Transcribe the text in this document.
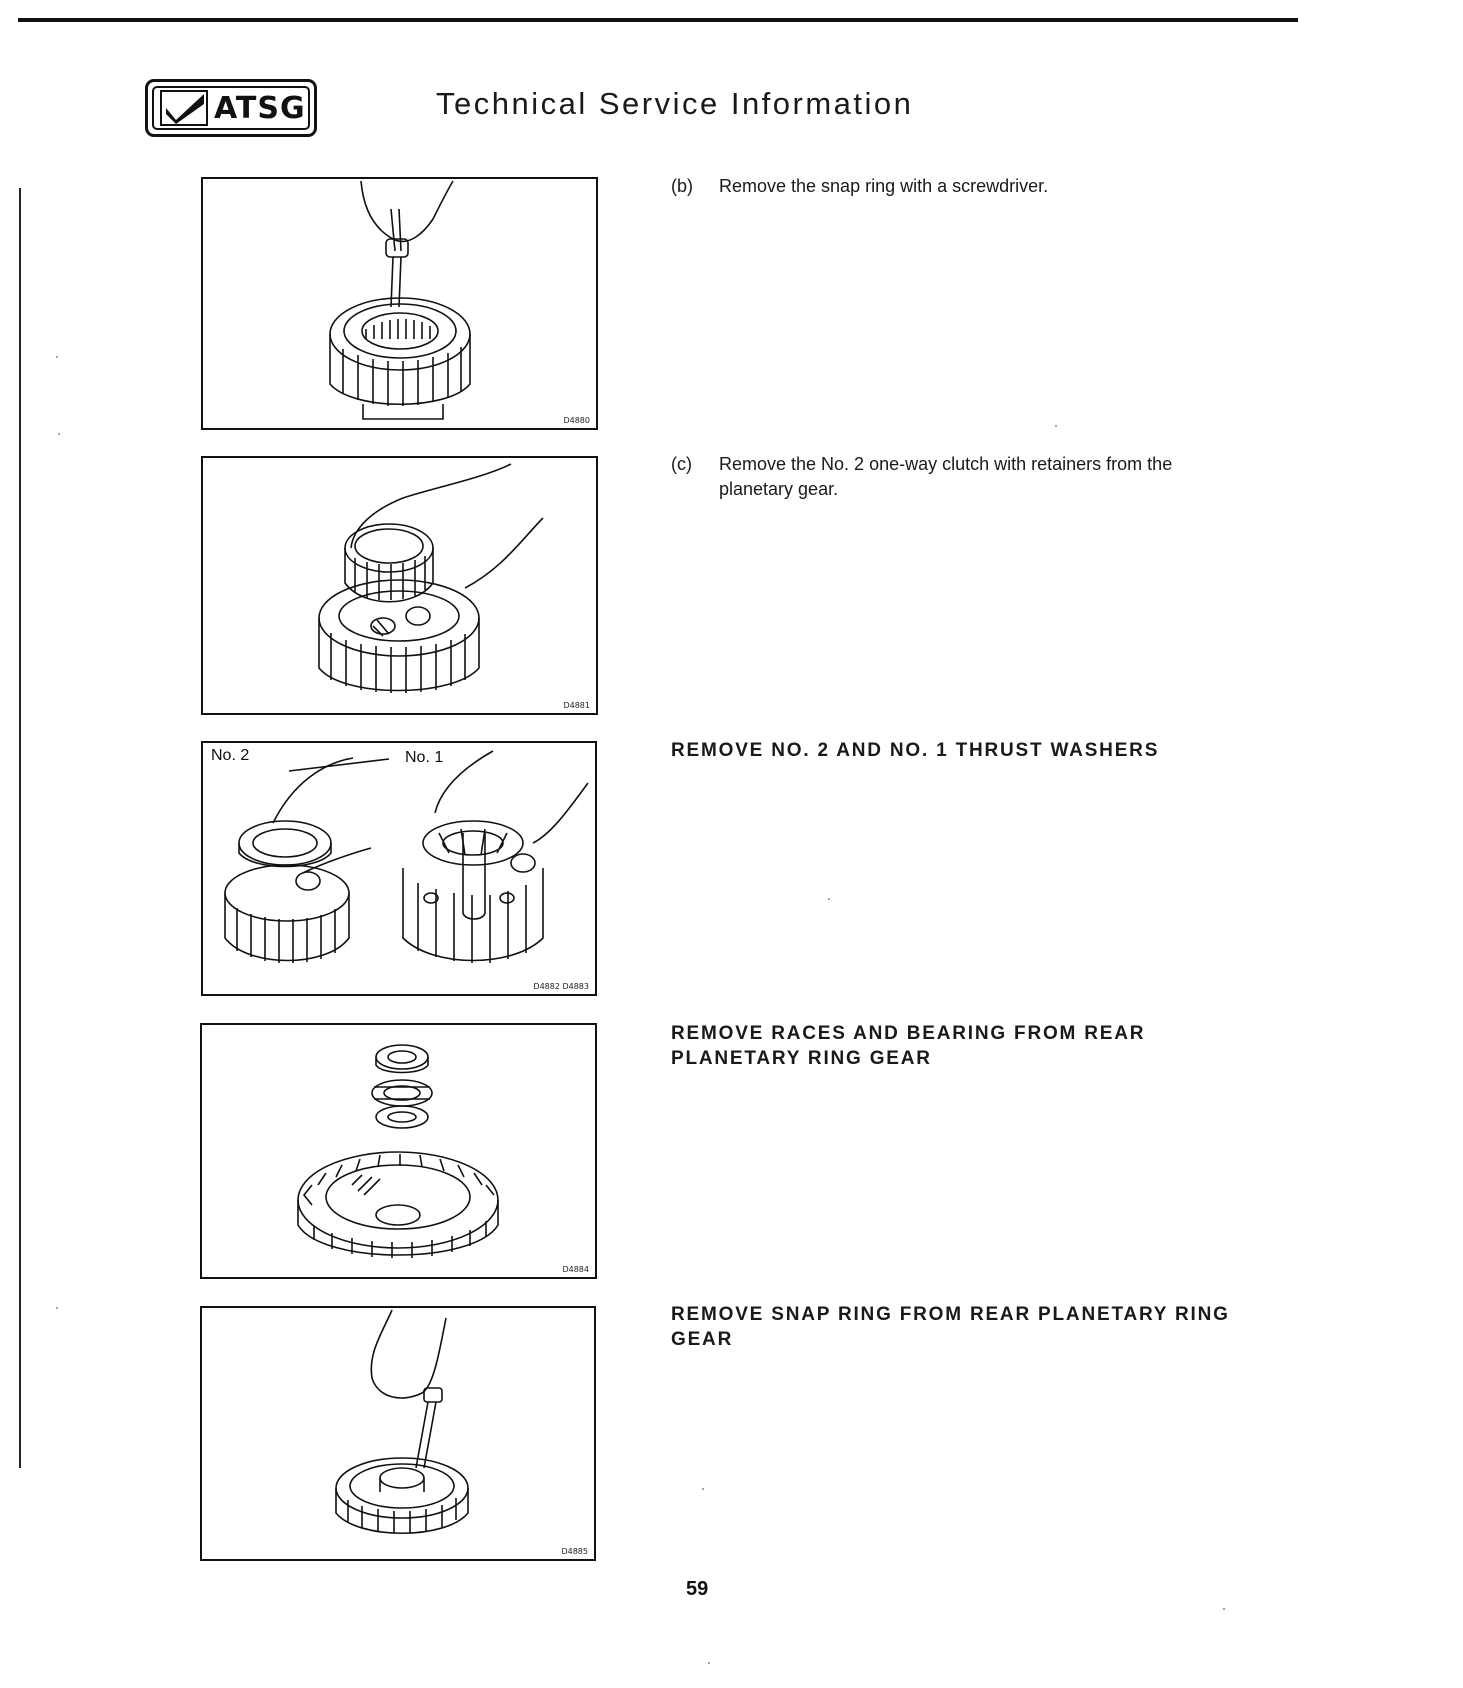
ATSG	Technical Service Information
D4880
(b)	Remove the snap ring with a screwdriver.
D4881
(c)	Remove the No. 2 one-way clutch with retainers from the planetary gear.
No. 2	No. 1
D4882 D4883
REMOVE NO. 2 AND NO. 1 THRUST WASHERS
D4884
REMOVE RACES AND BEARING FROM REAR PLANETARY RING GEAR
D4885
REMOVE SNAP RING FROM REAR PLANETARY RING GEAR
59
